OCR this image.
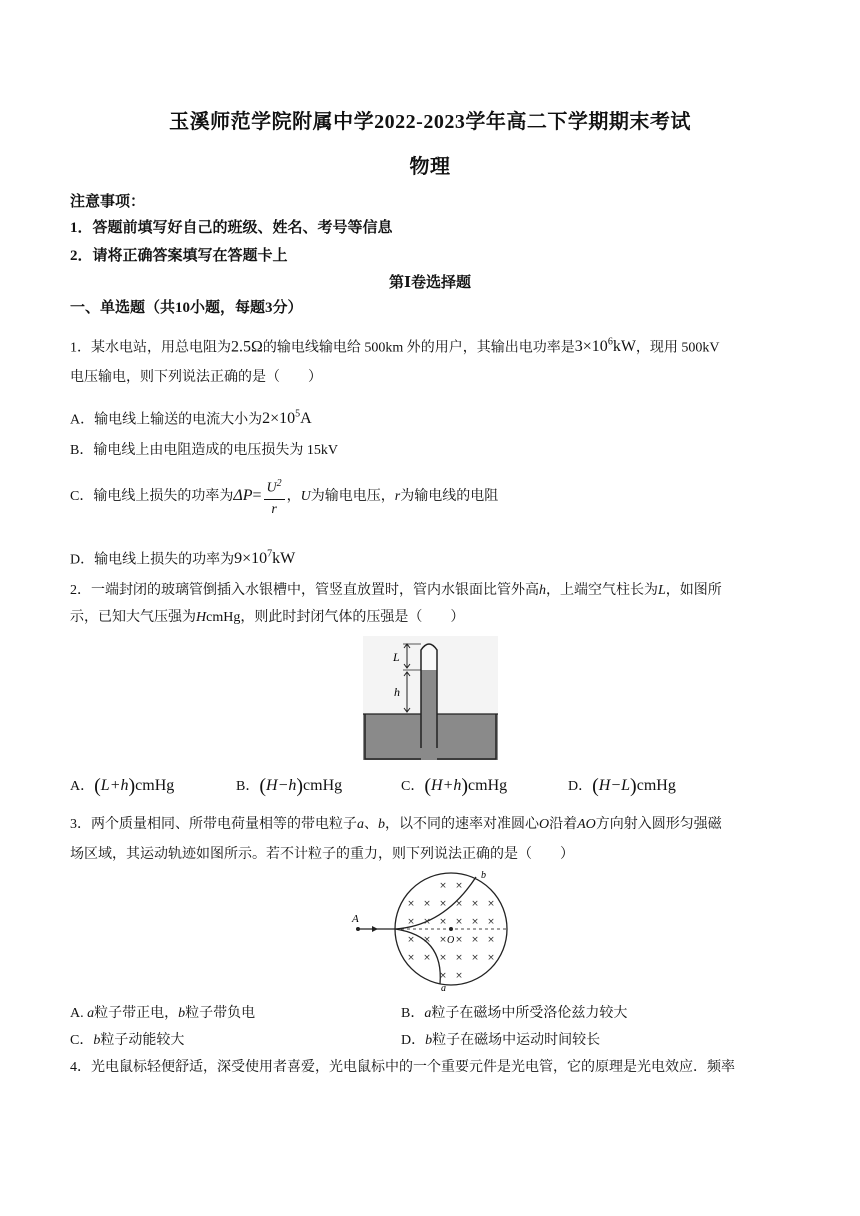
玉溪师范学院附属中学2022-2023学年高二下学期期末考试
物理
注意事项：
1．答题前填写好自己的班级、姓名、考号等信息
2．请将正确答案填写在答题卡上
第Ⅰ卷选择题
一、单选题（共10小题，每题3分）
1．某水电站，用总电阻为2.5Ω的输电线输电给 500km 外的用户，其输出电功率是$3\times 10^6kW$，现用 500kV
电压输电，则下列说法正确的是（　　）
A．输电线上输送的电流大小为$2\times 10^5A$
B．输电线上由电阻造成的电压损失为 15kV
C．输电线上损失的功率为$\Delta P= \frac{U^2}{r}$ ，U为输电电压，r为输电线的电阻
D．输电线上损失的功率为$9\times 10^7kW$
2．一端封闭的玻璃管倒插入水银槽中，管竖直放置时，管内水银面比管外高h，上端空气柱长为L，如图所
示，已知大气压强为HcmHg，则此时封闭气体的压强是（　　）
L
h
A．(L+h)cmHg	B．(H−h)cmHg	C．(H+h)cmHg	D．(H−L)cmHg
3．两个质量相同、所带电荷量相等的带电粒子a、b，以不同的速率对准圆心O沿着AO方向射入圆形匀强磁
场区域，其运动轨迹如图所示。若不计粒子的重力，则下列说法正确的是（　　）
× ×
× × × × × ×
× × × × × ×
× × × × × ×
× × × × × ×
× ×
A
O
b
a
A. a粒子带正电，b粒子带负电	B．a粒子在磁场中所受洛伦兹力较大
C．b粒子动能较大	D．b粒子在磁场中运动时间较长
4．光电鼠标轻便舒适，深受使用者喜爱，光电鼠标中的一个重要元件是光电管，它的原理是光电效应．频率
